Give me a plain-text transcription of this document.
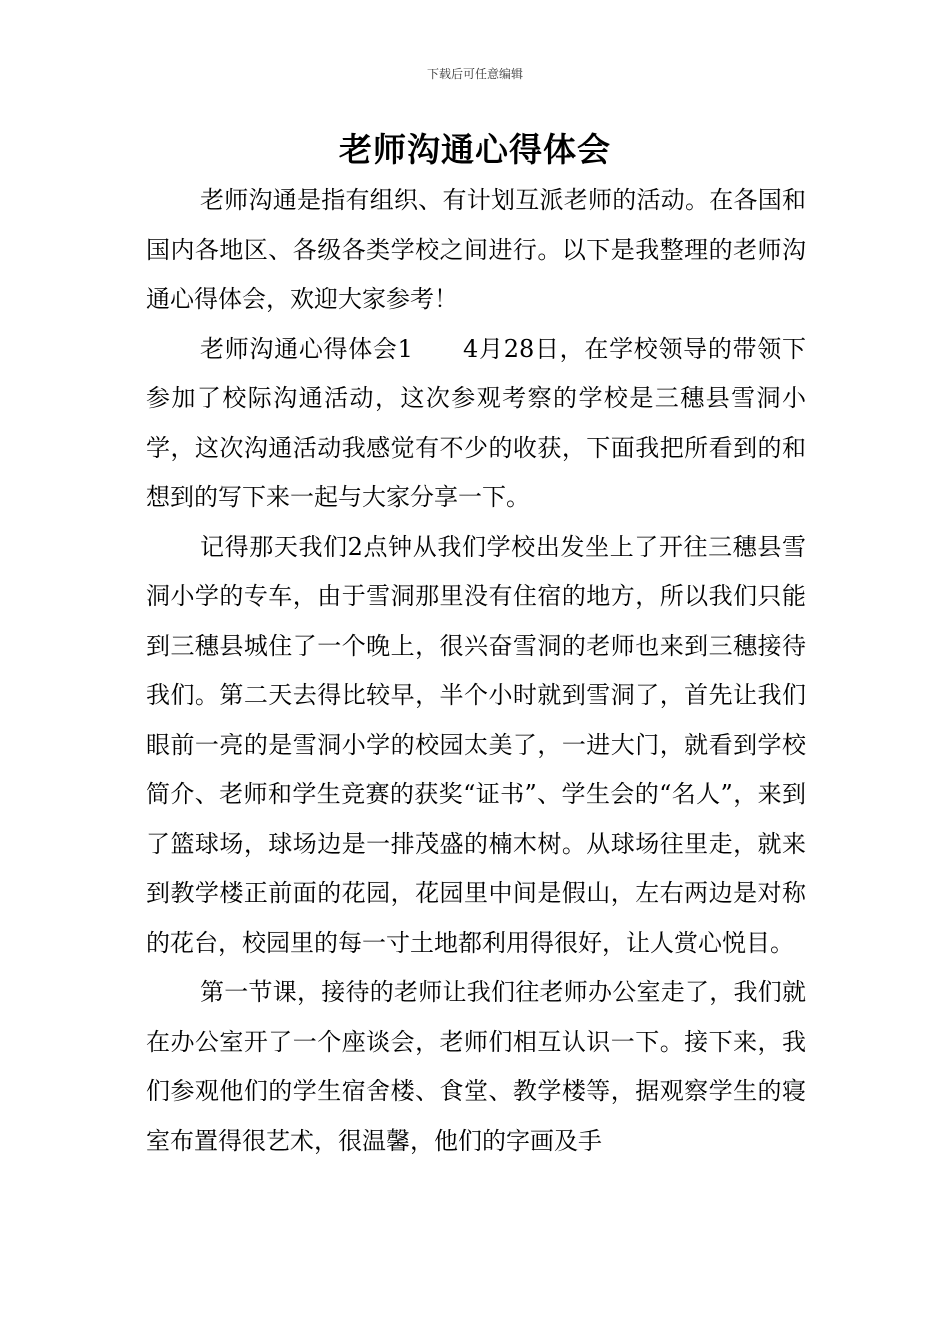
下载后可任意编辑
老师沟通心得体会

老师沟通是指有组织、有计划互派老师的活动。在各国和国内各地区、各级各类学校之间进行。以下是我整理的老师沟通心得体会，欢迎大家参考！

老师沟通心得体会1　　4月28日，在学校领导的带领下参加了校际沟通活动，这次参观考察的学校是三穗县雪洞小学，这次沟通活动我感觉有不少的收获，下面我把所看到的和想到的写下来一起与大家分享一下。

记得那天我们2点钟从我们学校出发坐上了开往三穗县雪洞小学的专车，由于雪洞那里没有住宿的地方，所以我们只能到三穗县城住了一个晚上，很兴奋雪洞的老师也来到三穗接待我们。第二天去得比较早，半个小时就到雪洞了，首先让我们眼前一亮的是雪洞小学的校园太美了，一进大门，就看到学校简介、老师和学生竞赛的获奖“证书”、学生会的“名人”，来到了篮球场，球场边是一排茂盛的楠木树。从球场往里走，就来到教学楼正前面的花园，花园里中间是假山，左右两边是对称的花台，校园里的每一寸土地都利用得很好，让人赏心悦目。

第一节课，接待的老师让我们往老师办公室走了，我们就在办公室开了一个座谈会，老师们相互认识一下。接下来，我们参观他们的学生宿舍楼、食堂、教学楼等，据观察学生的寝室布置得很艺术，很温馨，他们的字画及手
